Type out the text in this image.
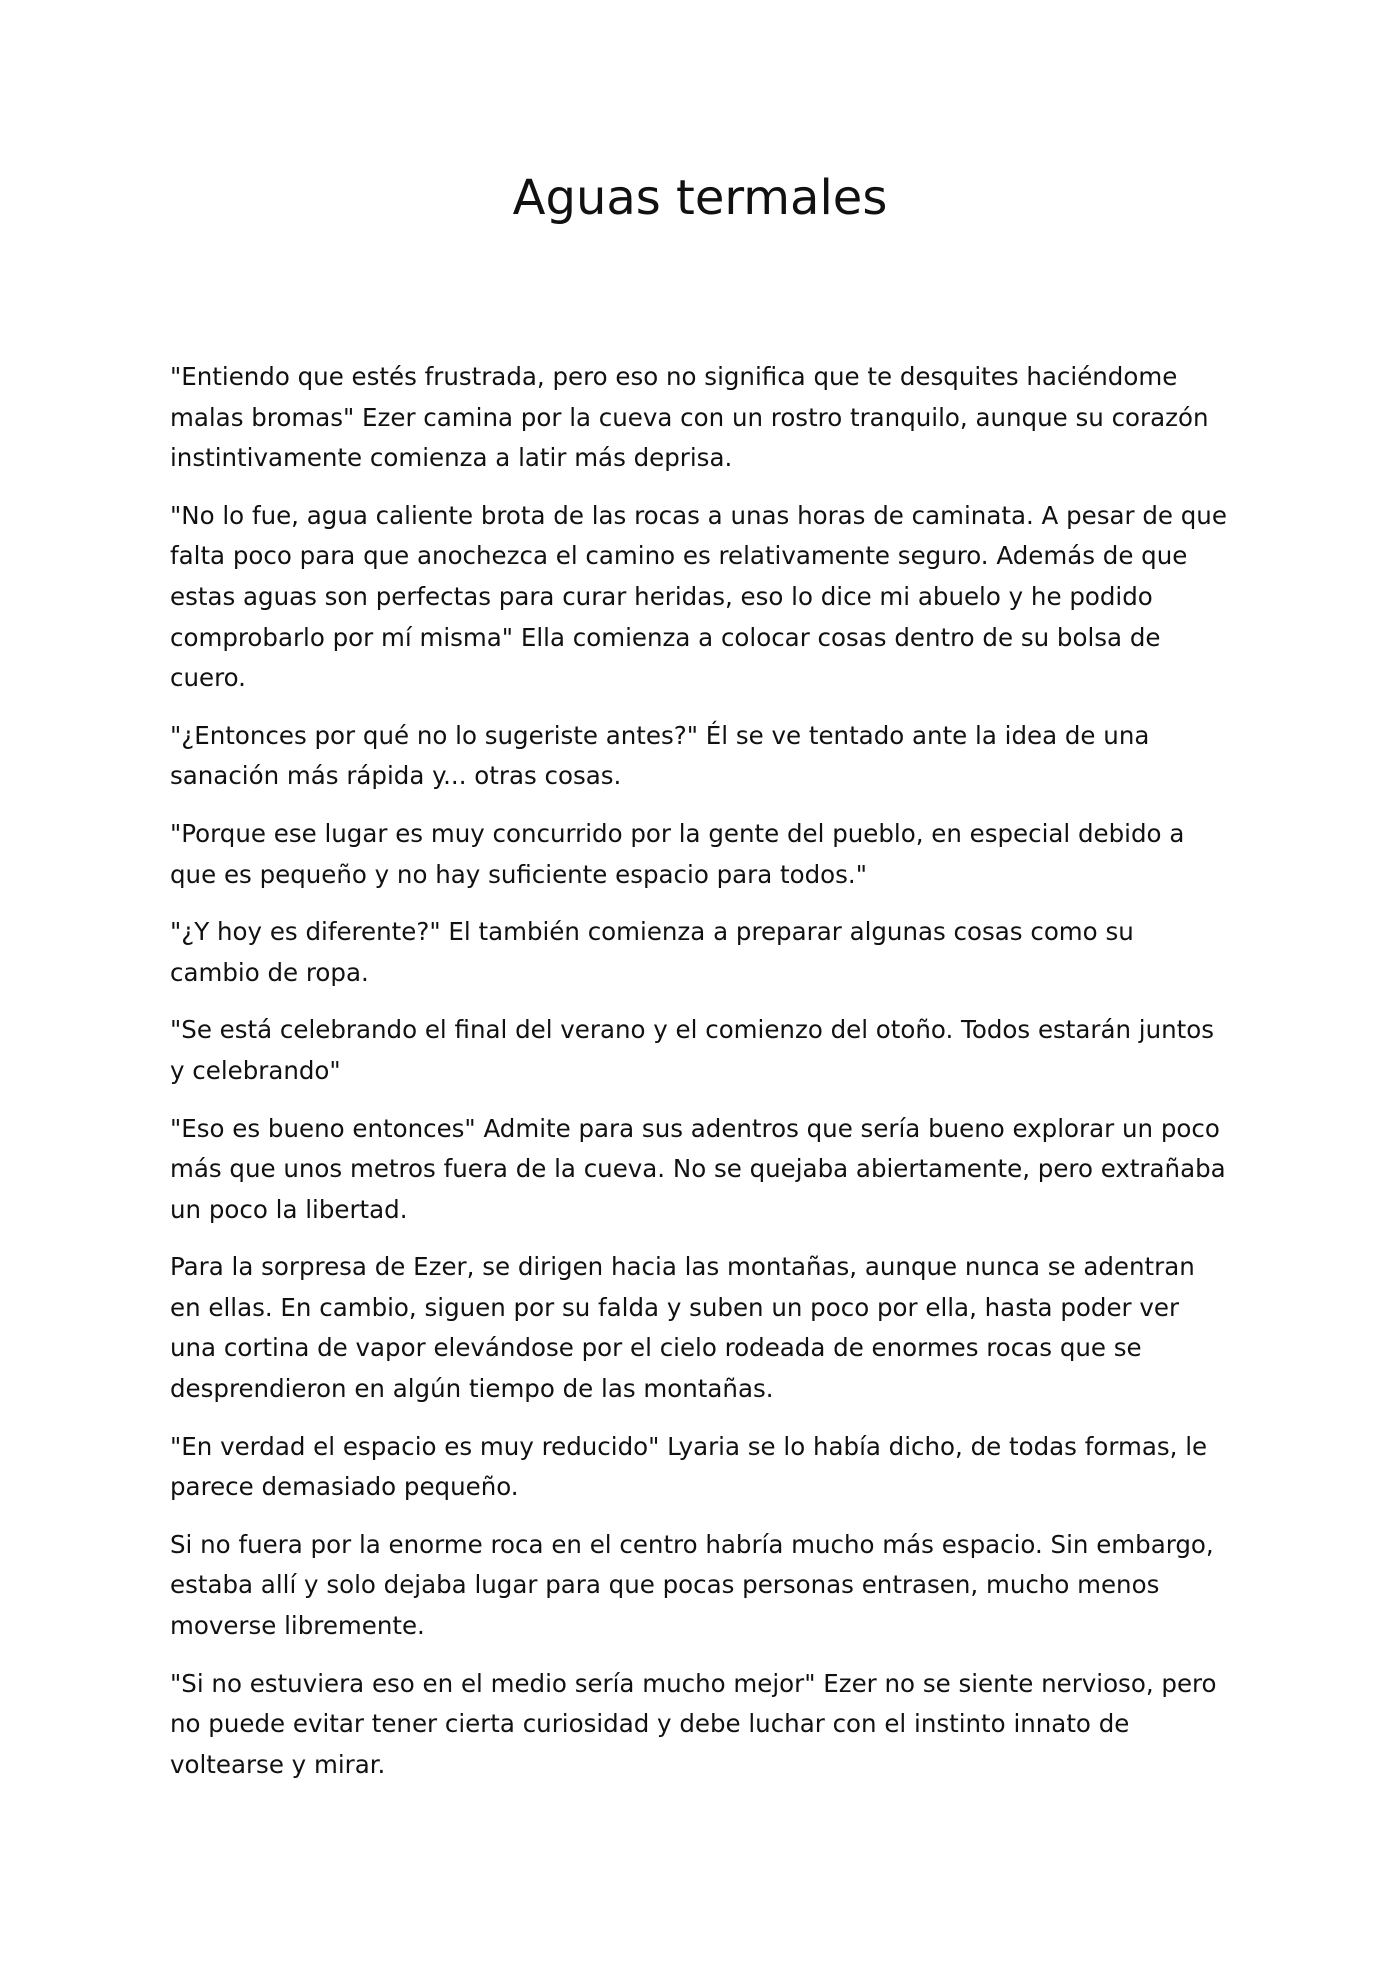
Aguas termales

"Entiendo que estés frustrada, pero eso no significa que te desquites haciéndome malas bromas" Ezer camina por la cueva con un rostro tranquilo, aunque su corazón instintivamente comienza a latir más deprisa.

"No lo fue, agua caliente brota de las rocas a unas horas de caminata. A pesar de que falta poco para que anochezca el camino es relativamente seguro. Además de que estas aguas son perfectas para curar heridas, eso lo dice mi abuelo y he podido comprobarlo por mí misma" Ella comienza a colocar cosas dentro de su bolsa de cuero.

"¿Entonces por qué no lo sugeriste antes?" Él se ve tentado ante la idea de una sanación más rápida y... otras cosas.

"Porque ese lugar es muy concurrido por la gente del pueblo, en especial debido a que es pequeño y no hay suficiente espacio para todos."

"¿Y hoy es diferente?" El también comienza a preparar algunas cosas como su cambio de ropa.

"Se está celebrando el final del verano y el comienzo del otoño. Todos estarán juntos y celebrando"

"Eso es bueno entonces" Admite para sus adentros que sería bueno explorar un poco más que unos metros fuera de la cueva. No se quejaba abiertamente, pero extrañaba un poco la libertad.

Para la sorpresa de Ezer, se dirigen hacia las montañas, aunque nunca se adentran en ellas. En cambio, siguen por su falda y suben un poco por ella, hasta poder ver una cortina de vapor elevándose por el cielo rodeada de enormes rocas que se desprendieron en algún tiempo de las montañas.

"En verdad el espacio es muy reducido" Lyaria se lo había dicho, de todas formas, le parece demasiado pequeño.

Si no fuera por la enorme roca en el centro habría mucho más espacio. Sin embargo, estaba allí y solo dejaba lugar para que pocas personas entrasen, mucho menos moverse libremente.

"Si no estuviera eso en el medio sería mucho mejor" Ezer no se siente nervioso, pero no puede evitar tener cierta curiosidad y debe luchar con el instinto innato de voltearse y mirar.
